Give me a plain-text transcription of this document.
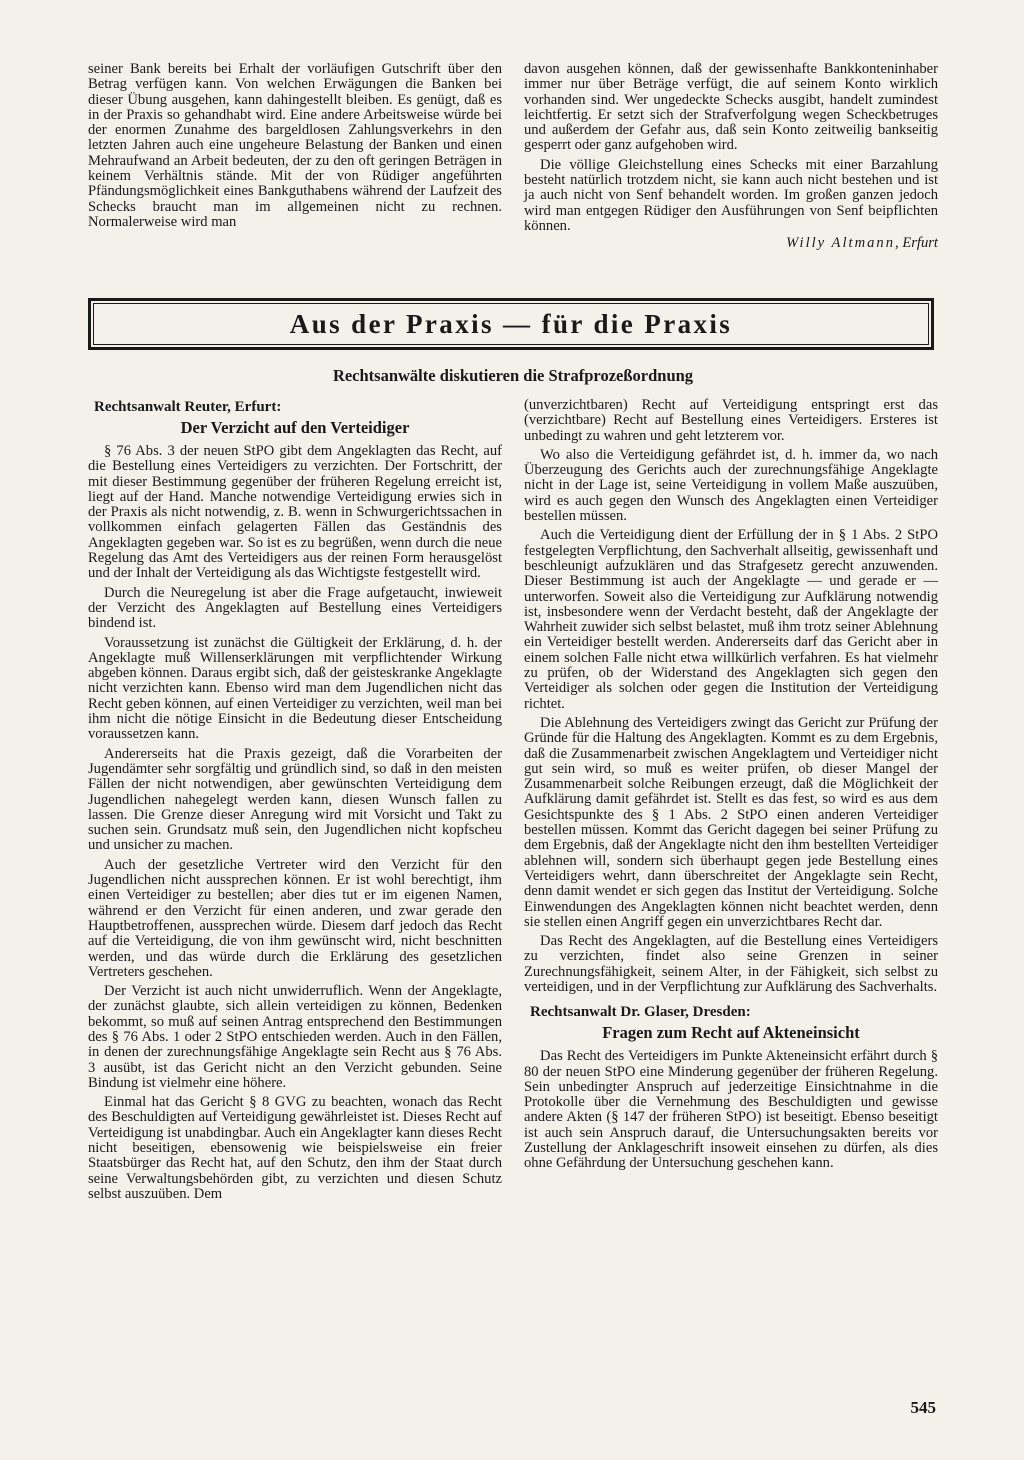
seiner Bank bereits bei Erhalt der vorläufigen Gutschrift über den Betrag verfügen kann. Von welchen Erwägungen die Banken bei dieser Übung ausgehen, kann dahingestellt bleiben. Es genügt, daß es in der Praxis so gehandhabt wird. Eine andere Arbeitsweise würde bei der enormen Zunahme des bargeldlosen Zahlungsverkehrs in den letzten Jahren auch eine ungeheure Belastung der Banken und einen Mehraufwand an Arbeit bedeuten, der zu den oft geringen Beträgen in keinem Verhältnis stände. Mit der von Rüdiger angeführten Pfändungsmöglichkeit eines Bankguthabens während der Laufzeit des Schecks braucht man im allgemeinen nicht zu rechnen. Normalerweise wird man

davon ausgehen können, daß der gewissenhafte Bankkonteninhaber immer nur über Beträge verfügt, die auf seinem Konto wirklich vorhanden sind. Wer ungedeckte Schecks ausgibt, handelt zumindest leichtfertig. Er setzt sich der Strafverfolgung wegen Scheckbetruges und außerdem der Gefahr aus, daß sein Konto zeitweilig bankseitig gesperrt oder ganz aufgehoben wird.

Die völlige Gleichstellung eines Schecks mit einer Barzahlung besteht natürlich trotzdem nicht, sie kann auch nicht bestehen und ist ja auch nicht von Senf behandelt worden. Im großen ganzen jedoch wird man entgegen Rüdiger den Ausführungen von Senf beipflichten können.

Willy Altmann, Erfurt
Aus der Praxis — für die Praxis
Rechtsanwälte diskutieren die Strafprozeßordnung
Rechtsanwalt Reuter, Erfurt:
Der Verzicht auf den Verteidiger

§ 76 Abs. 3 der neuen StPO gibt dem Angeklagten das Recht, auf die Bestellung eines Verteidigers zu verzichten. Der Fortschritt, der mit dieser Bestimmung gegenüber der früheren Regelung erreicht ist, liegt auf der Hand. Manche notwendige Verteidigung erwies sich in der Praxis als nicht notwendig, z. B. wenn in Schwurgerichtssachen in vollkommen einfach gelagerten Fällen das Geständnis des Angeklagten gegeben war. So ist es zu begrüßen, wenn durch die neue Regelung das Amt des Verteidigers aus der reinen Form herausgelöst und der Inhalt der Verteidigung als das Wichtigste festgestellt wird.

Durch die Neuregelung ist aber die Frage aufgetaucht, inwieweit der Verzicht des Angeklagten auf Bestellung eines Verteidigers bindend ist.

Voraussetzung ist zunächst die Gültigkeit der Erklärung, d. h. der Angeklagte muß Willenserklärungen mit verpflichtender Wirkung abgeben können. Daraus ergibt sich, daß der geisteskranke Angeklagte nicht verzichten kann. Ebenso wird man dem Jugendlichen nicht das Recht geben können, auf einen Verteidiger zu verzichten, weil man bei ihm nicht die nötige Einsicht in die Bedeutung dieser Entscheidung voraussetzen kann.

Andererseits hat die Praxis gezeigt, daß die Vorarbeiten der Jugendämter sehr sorgfältig und gründlich sind, so daß in den meisten Fällen der nicht notwendigen, aber gewünschten Verteidigung dem Jugendlichen nahegelegt werden kann, diesen Wunsch fallen zu lassen. Die Grenze dieser Anregung wird mit Vorsicht und Takt zu suchen sein. Grundsatz muß sein, den Jugendlichen nicht kopfscheu und unsicher zu machen.

Auch der gesetzliche Vertreter wird den Verzicht für den Jugendlichen nicht aussprechen können. Er ist wohl berechtigt, ihm einen Verteidiger zu bestellen; aber dies tut er im eigenen Namen, während er den Verzicht für einen anderen, und zwar gerade den Hauptbetroffenen, aussprechen würde. Diesem darf jedoch das Recht auf die Verteidigung, die von ihm gewünscht wird, nicht beschnitten werden, und das würde durch die Erklärung des gesetzlichen Vertreters geschehen.

Der Verzicht ist auch nicht unwiderruflich. Wenn der Angeklagte, der zunächst glaubte, sich allein verteidigen zu können, Bedenken bekommt, so muß auf seinen Antrag entsprechend den Bestimmungen des § 76 Abs. 1 oder 2 StPO entschieden werden. Auch in den Fällen, in denen der zurechnungsfähige Angeklagte sein Recht aus § 76 Abs. 3 ausübt, ist das Gericht nicht an den Verzicht gebunden. Seine Bindung ist vielmehr eine höhere.

Einmal hat das Gericht § 8 GVG zu beachten, wonach das Recht des Beschuldigten auf Verteidigung gewährleistet ist. Dieses Recht auf Verteidigung ist unabdingbar. Auch ein Angeklagter kann dieses Recht nicht beseitigen, ebensowenig wie beispielsweise ein freier Staatsbürger das Recht hat, auf den Schutz, den ihm der Staat durch seine Verwaltungsbehörden gibt, zu verzichten und diesen Schutz selbst auszuüben. Dem

(unverzichtbaren) Recht auf Verteidigung entspringt erst das (verzichtbare) Recht auf Bestellung eines Verteidigers. Ersteres ist unbedingt zu wahren und geht letzterem vor.

Wo also die Verteidigung gefährdet ist, d. h. immer da, wo nach Überzeugung des Gerichts auch der zurechnungsfähige Angeklagte nicht in der Lage ist, seine Verteidigung in vollem Maße auszuüben, wird es auch gegen den Wunsch des Angeklagten einen Verteidiger bestellen müssen.

Auch die Verteidigung dient der Erfüllung der in § 1 Abs. 2 StPO festgelegten Verpflichtung, den Sachverhalt allseitig, gewissenhaft und beschleunigt aufzuklären und das Strafgesetz gerecht anzuwenden. Dieser Bestimmung ist auch der Angeklagte — und gerade er — unterworfen. Soweit also die Verteidigung zur Aufklärung notwendig ist, insbesondere wenn der Verdacht besteht, daß der Angeklagte der Wahrheit zuwider sich selbst belastet, muß ihm trotz seiner Ablehnung ein Verteidiger bestellt werden. Andererseits darf das Gericht aber in einem solchen Falle nicht etwa willkürlich verfahren. Es hat vielmehr zu prüfen, ob der Widerstand des Angeklagten sich gegen den Verteidiger als solchen oder gegen die Institution der Verteidigung richtet.

Die Ablehnung des Verteidigers zwingt das Gericht zur Prüfung der Gründe für die Haltung des Angeklagten. Kommt es zu dem Ergebnis, daß die Zusammenarbeit zwischen Angeklagtem und Verteidiger nicht gut sein wird, so muß es weiter prüfen, ob dieser Mangel der Zusammenarbeit solche Reibungen erzeugt, daß die Möglichkeit der Aufklärung damit gefährdet ist. Stellt es das fest, so wird es aus dem Gesichtspunkte des § 1 Abs. 2 StPO einen anderen Verteidiger bestellen müssen. Kommt das Gericht dagegen bei seiner Prüfung zu dem Ergebnis, daß der Angeklagte nicht den ihm bestellten Verteidiger ablehnen will, sondern sich überhaupt gegen jede Bestellung eines Verteidigers wehrt, dann überschreitet der Angeklagte sein Recht, denn damit wendet er sich gegen das Institut der Verteidigung. Solche Einwendungen des Angeklagten können nicht beachtet werden, denn sie stellen einen Angriff gegen ein unverzichtbares Recht dar.

Das Recht des Angeklagten, auf die Bestellung eines Verteidigers zu verzichten, findet also seine Grenzen in seiner Zurechnungsfähigkeit, seinem Alter, in der Fähigkeit, sich selbst zu verteidigen, und in der Verpflichtung zur Aufklärung des Sachverhalts.

Rechtsanwalt Dr. Glaser, Dresden:
Fragen zum Recht auf Akteneinsicht

Das Recht des Verteidigers im Punkte Akteneinsicht erfährt durch § 80 der neuen StPO eine Minderung gegenüber der früheren Regelung. Sein unbedingter Anspruch auf jederzeitige Einsichtnahme in die Protokolle über die Vernehmung des Beschuldigten und gewisse andere Akten (§ 147 der früheren StPO) ist beseitigt. Ebenso beseitigt ist auch sein Anspruch darauf, die Untersuchungsakten bereits vor Zustellung der Anklageschrift insoweit einsehen zu dürfen, als dies ohne Gefährdung der Untersuchung geschehen kann.

545
